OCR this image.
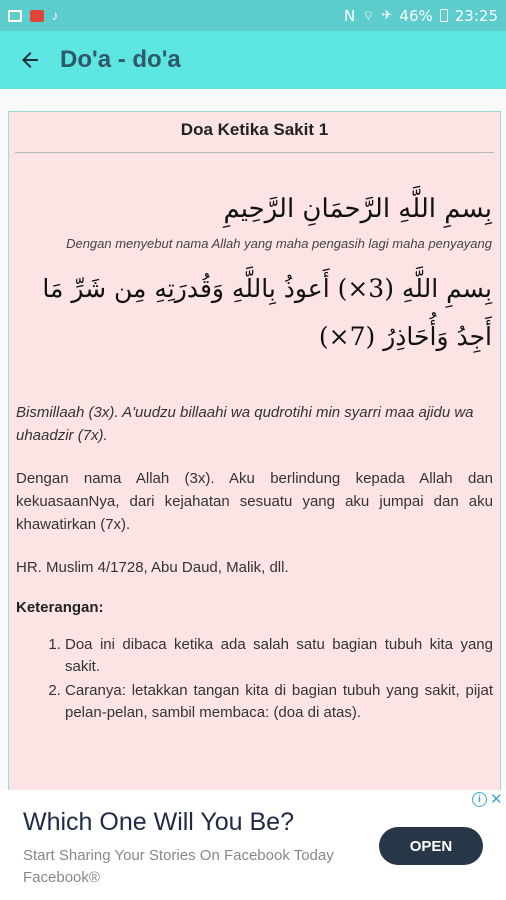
♪	N ⌔ ✈ 46% 23:25
Do'a - do'a
Doa Ketika Sakit 1
بِسمِ اللَّهِ الرَّحمَانِ الرَّحِيمِ
Dengan menyebut nama Allah yang maha pengasih lagi maha penyayang
بِسمِ اللَّهِ (3×) أَعوذُ بِاللَّهِ وَقُدرَتِهِ مِن شَرِّ مَا أَجِدُ وَأُحَاذِرُ (7×)
Bismillaah (3x). A'uudzu billaahi wa qudrotihi min syarri maa ajidu wa uhaadzir (7x).
Dengan nama Allah (3x). Aku berlindung kepada Allah dan kekuasaanNya, dari kejahatan sesuatu yang aku jumpai dan aku khawatirkan (7x).
HR. Muslim 4/1728, Abu Daud, Malik, dll.
Keterangan:
1. Doa ini dibaca ketika ada salah satu bagian tubuh kita yang sakit.
2. Caranya: letakkan tangan kita di bagian tubuh yang sakit, pijat pelan-pelan, sambil membaca: (doa di atas).
i ✕
Which One Will You Be?
Start Sharing Your Stories On Facebook Today Facebook®
OPEN
